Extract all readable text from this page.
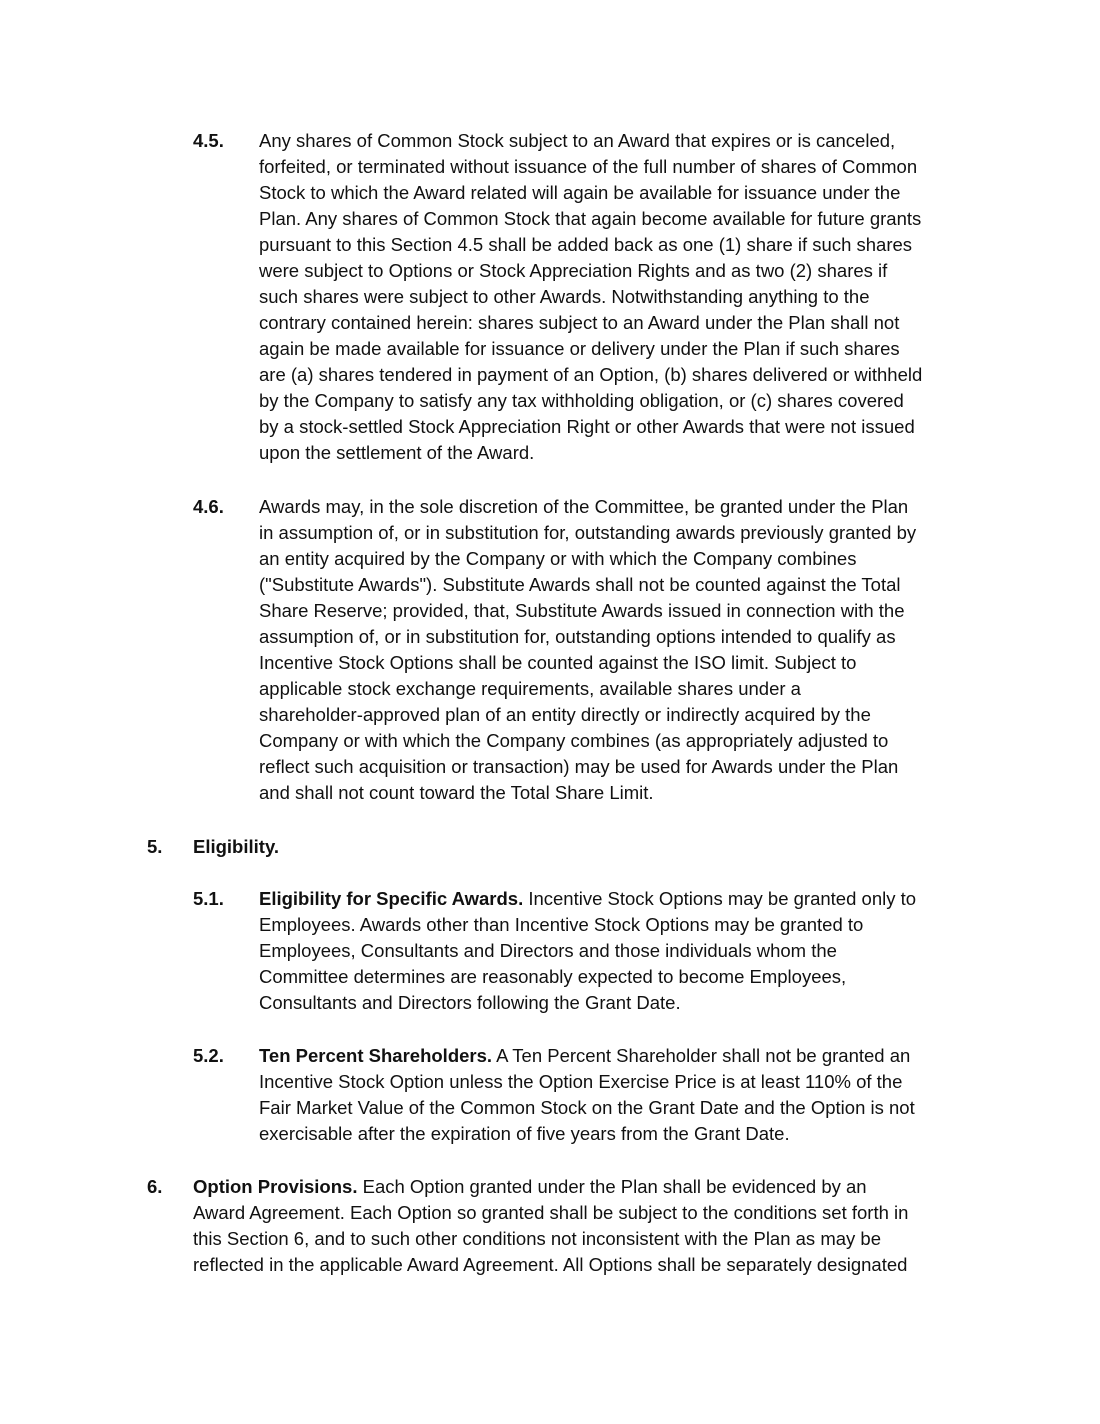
4.5. Any shares of Common Stock subject to an Award that expires or is canceled,
forfeited, or terminated without issuance of the full number of shares of Common
Stock to which the Award related will again be available for issuance under the
Plan. Any shares of Common Stock that again become available for future grants
pursuant to this Section 4.5 shall be added back as one (1) share if such shares
were subject to Options or Stock Appreciation Rights and as two (2) shares if
such shares were subject to other Awards. Notwithstanding anything to the
contrary contained herein: shares subject to an Award under the Plan shall not
again be made available for issuance or delivery under the Plan if such shares
are (a) shares tendered in payment of an Option, (b) shares delivered or withheld
by the Company to satisfy any tax withholding obligation, or (c) shares covered
by a stock-settled Stock Appreciation Right or other Awards that were not issued
upon the settlement of the Award.
4.6. Awards may, in the sole discretion of the Committee, be granted under the Plan
in assumption of, or in substitution for, outstanding awards previously granted by
an entity acquired by the Company or with which the Company combines
("Substitute Awards"). Substitute Awards shall not be counted against the Total
Share Reserve; provided, that, Substitute Awards issued in connection with the
assumption of, or in substitution for, outstanding options intended to qualify as
Incentive Stock Options shall be counted against the ISO limit. Subject to
applicable stock exchange requirements, available shares under a
shareholder-approved plan of an entity directly or indirectly acquired by the
Company or with which the Company combines (as appropriately adjusted to
reflect such acquisition or transaction) may be used for Awards under the Plan
and shall not count toward the Total Share Limit.
5. Eligibility.
5.1. Eligibility for Specific Awards. Incentive Stock Options may be granted only to
Employees. Awards other than Incentive Stock Options may be granted to
Employees, Consultants and Directors and those individuals whom the
Committee determines are reasonably expected to become Employees,
Consultants and Directors following the Grant Date.
5.2. Ten Percent Shareholders. A Ten Percent Shareholder shall not be granted an
Incentive Stock Option unless the Option Exercise Price is at least 110% of the
Fair Market Value of the Common Stock on the Grant Date and the Option is not
exercisable after the expiration of five years from the Grant Date.
6. Option Provisions. Each Option granted under the Plan shall be evidenced by an
Award Agreement. Each Option so granted shall be subject to the conditions set forth in
this Section 6, and to such other conditions not inconsistent with the Plan as may be
reflected in the applicable Award Agreement. All Options shall be separately designated
